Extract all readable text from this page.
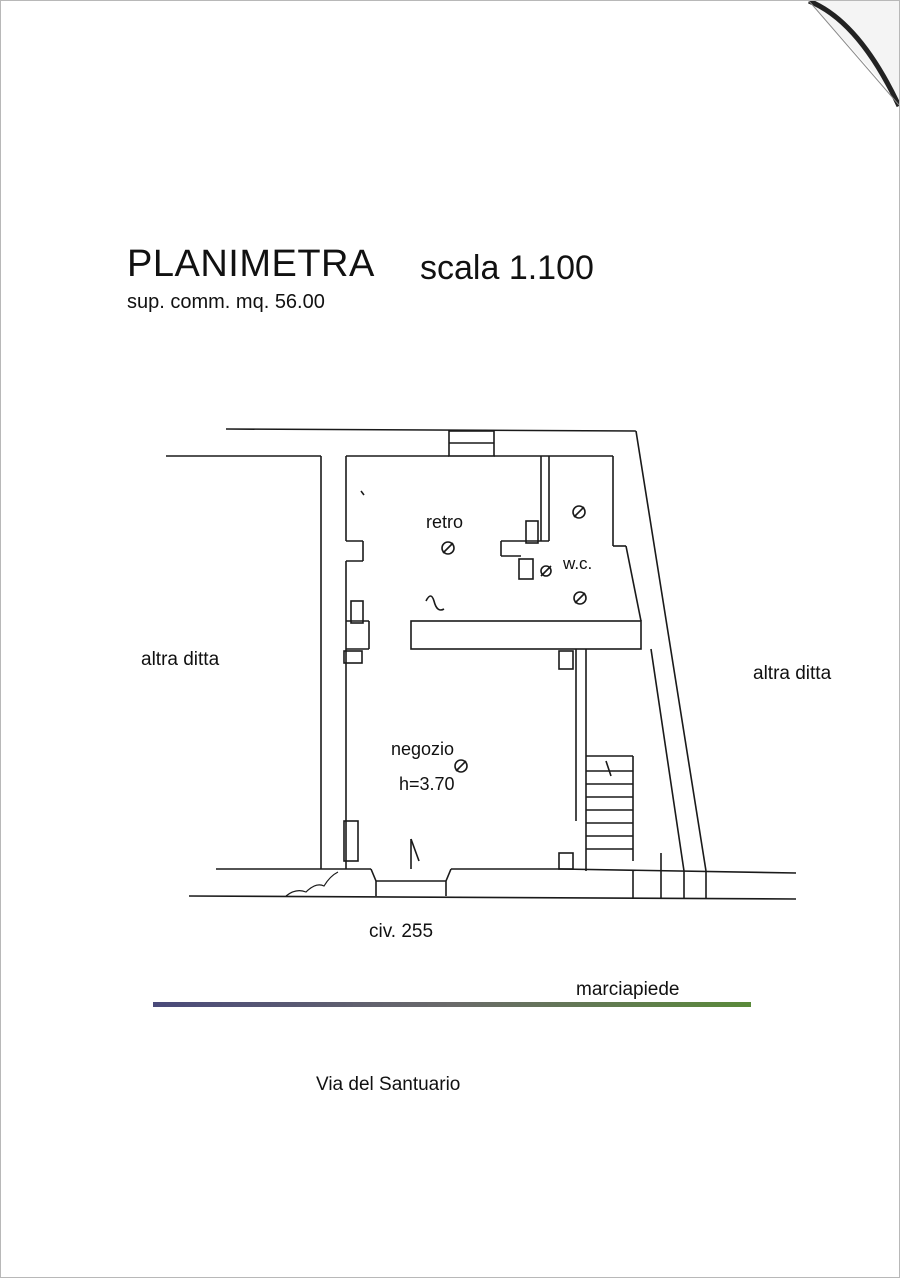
PLANIMETRA scala 1.100
sup. comm. mq. 56.00
retro
w.c.
negozio
h=3.70
altra ditta
altra ditta
civ. 255
marciapiede
Via del Santuario
